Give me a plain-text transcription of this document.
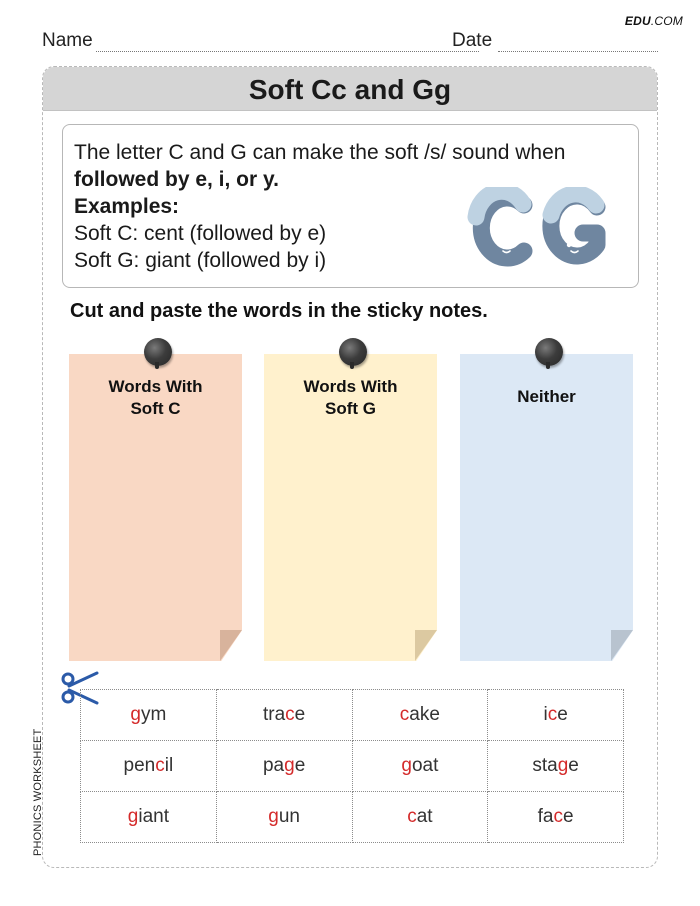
EDU.COM
Name	Date
Soft Cc and Gg
The letter C and G can make the soft /s/ sound when
followed by e, i, or y.
Examples:
Soft C: cent (followed by e)
Soft G: giant (followed by i)
Cut and paste the words in the sticky notes.
Words With
Soft C
Words With
Soft G
Neither
gym	trace	cake	ice
pencil	page	goat	stage
giant	gun	cat	face
PHONICS WORKSHEET
